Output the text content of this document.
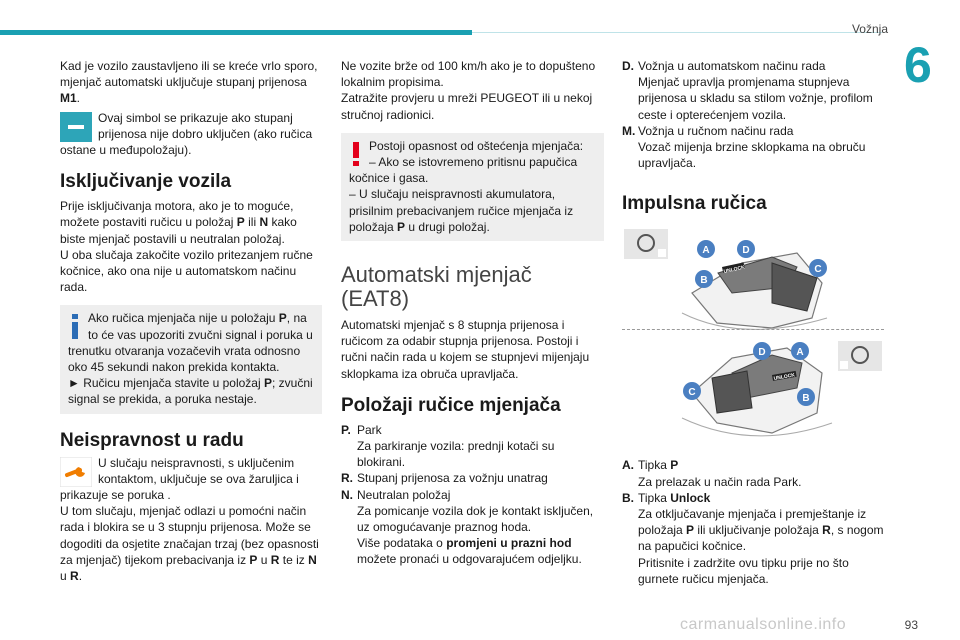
Vožnja
6

Kad je vozilo zaustavljeno ili se kreće vrlo sporo, mjenjač automatski uključuje stupanj prijenosa M1.

Ovaj simbol se prikazuje ako stupanj prijenosa nije dobro uključen (ako ručica ostane u međupoložaju).

Isključivanje vozila

Prije isključivanja motora, ako je to moguće, možete postaviti ručicu u položaj P ili N kako biste mjenjač postavili u neutralan položaj.

U oba slučaja zakočite vozilo pritezanjem ručne kočnice, ako ona nije u automatskom načinu rada.

Ako ručica mjenjača nije u položaju P, na to će vas upozoriti zvučni signal i poruka u trenutku otvaranja vozačevih vrata odnosno oko 45 sekundi nakon prekida kontakta.

► Ručicu mjenjača stavite u položaj P; zvučni signal se prekida, a poruka nestaje.

Neispravnost u radu

U slučaju neispravnosti, s uključenim kontaktom, uključuje se ova žaruljica i prikazuje se poruka .

U tom slučaju, mjenjač odlazi u pomoćni način rada i blokira se u 3 stupnju prijenosa. Može se dogoditi da osjetite značajan trzaj (bez opasnosti za mjenjač) tijekom prebacivanja iz P u R te iz N u R.

Ne vozite brže od 100 km/h ako je to dopušteno lokalnim propisima.

Zatražite provjeru u mreži PEUGEOT ili u nekoj stručnoj radionici.

Postoji opasnost od oštećenja mjenjača:

– Ako se istovremeno pritisnu papučica kočnice i gasa.

– U slučaju neispravnosti akumulatora, prisilnim prebacivanjem ručice mjenjača iz položaja P u drugi položaj.

Automatski mjenjač
(EAT8)

Automatski mjenjač s 8 stupnja prijenosa i ručicom za odabir stupnja prijenosa. Postoji i ručni način rada u kojem se stupnjevi mijenjaju sklopkama iza obruča upravljača.

Položaji ručice mjenjača
P. Park

Za parkiranje vozila: prednji kotači su blokirani.

R. Stupanj prijenosa za vožnju unatrag

N. Neutralan položaj

Za pomicanje vozila dok je kontakt isključen, uz omogućavanje praznog hoda.

Više podataka o promjeni u prazni hod možete pronaći u odgovarajućem odjeljku.

D. Vožnja u automatskom načinu rada

Mjenjač upravlja promjenama stupnjeva prijenosa u skladu sa stilom vožnje, profilom ceste i opterećenjem vozila.

M. Vožnja u ručnom načinu rada

Vozač mijenja brzine sklopkama na obruču upravljača.

Impulsna ručica
A	D
C
B
D	A
C
B
UNLOCK
UNLOCK
A. Tipka P

Za prelazak u način rada Park.

B. Tipka Unlock

Za otključavanje mjenjača i premještanje iz položaja P ili uključivanje položaja R, s nogom na papučici kočnice.

Pritisnite i zadržite ovu tipku prije no što gurnete ručicu mjenjača.

carmanualsonline.info	93
